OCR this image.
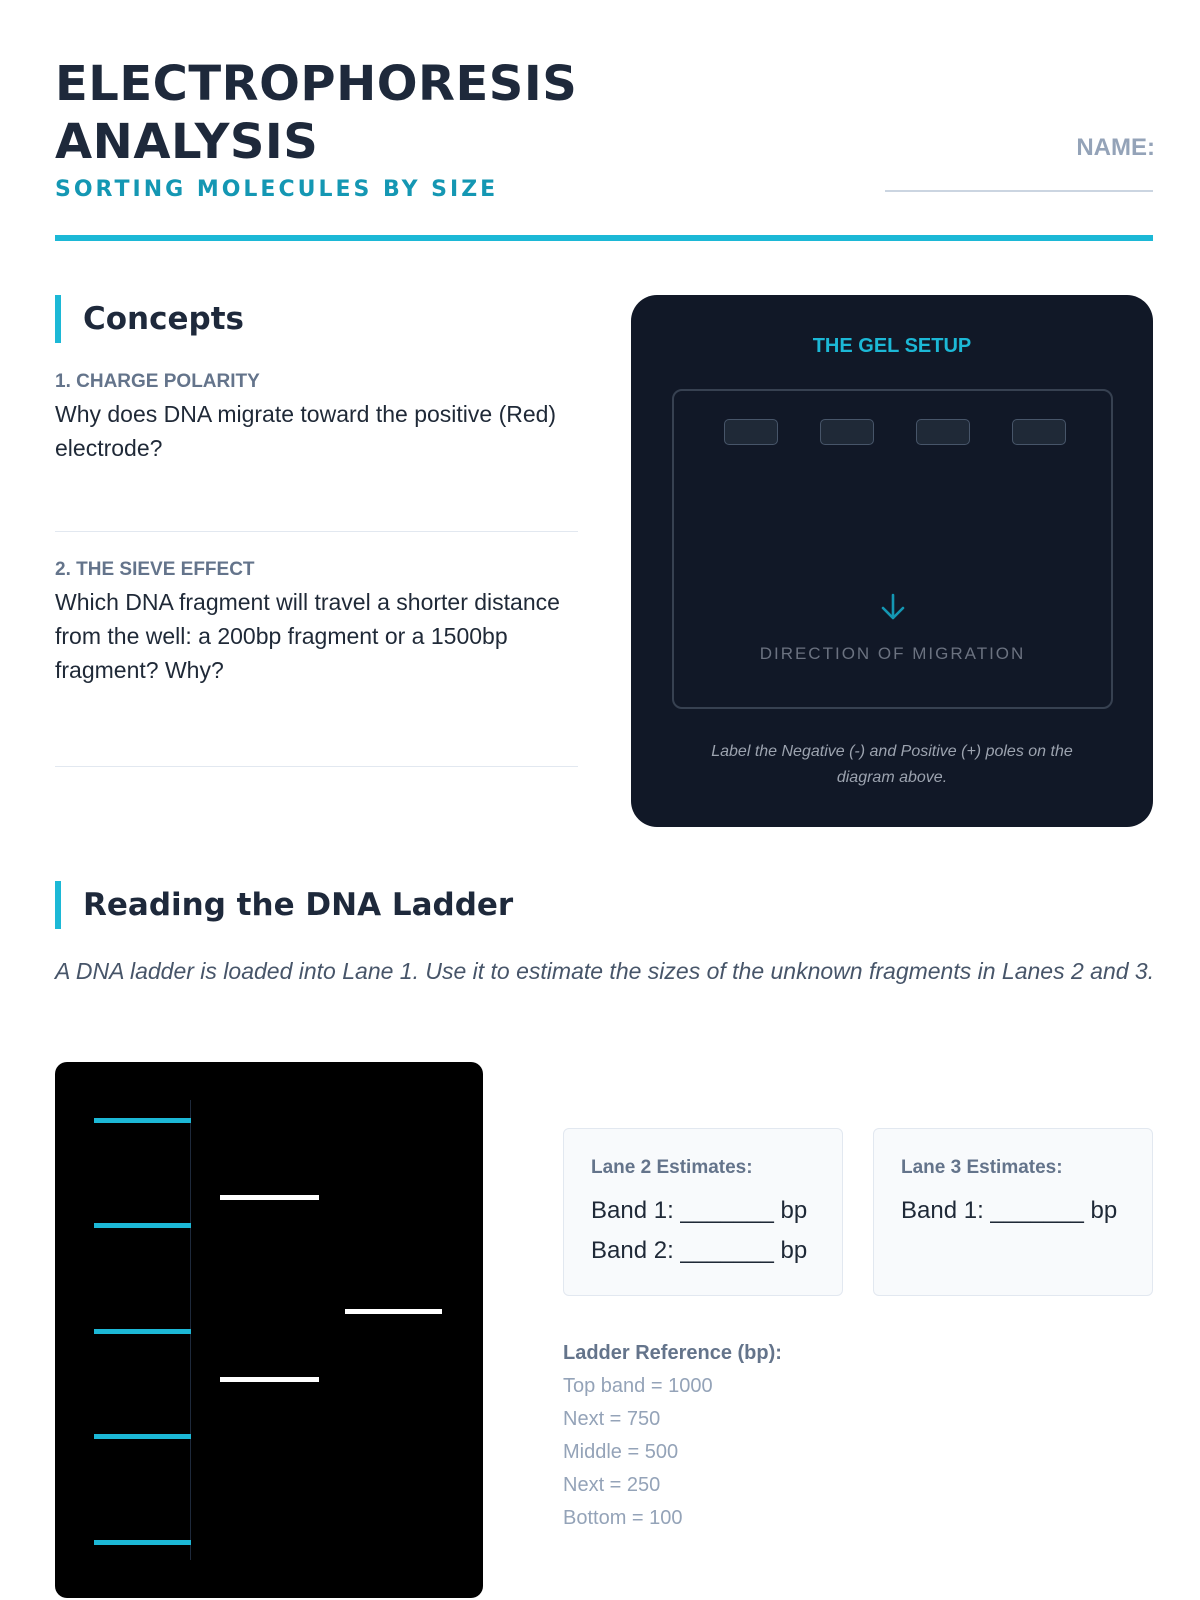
ELECTROPHORESIS ANALYSIS
SORTING MOLECULES BY SIZE
NAME:
Concepts
1. CHARGE POLARITY
Why does DNA migrate toward the positive (Red) electrode?
2. THE SIEVE EFFECT
Which DNA fragment will travel a shorter distance from the well: a 200bp fragment or a 1500bp fragment? Why?
THE GEL SETUP
DIRECTION OF MIGRATION
Label the Negative (-) and Positive (+) poles on the diagram above.
Reading the DNA Ladder
A DNA ladder is loaded into Lane 1. Use it to estimate the sizes of the unknown fragments in Lanes 2 and 3.
Lane 2 Estimates:
Band 1: _______ bp
Band 2: _______ bp
Lane 3 Estimates:
Band 1: _______ bp
Ladder Reference (bp):
Top band = 1000
Next = 750
Middle = 500
Next = 250
Bottom = 100
